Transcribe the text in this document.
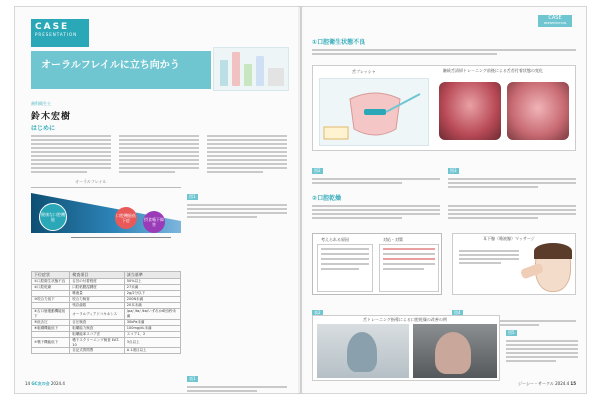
CASE
PRESENTATION
オーラルフレイルに立ち向かう
歯科衛生士
鈴木宏樹
はじめに
オーラルフレイル
健康な口腔機能
口腔機能低下症	摂食嚥下障害
図1
下位症状	検査項目	該当基準
①口腔衛生状態不良	舌苔の付着程度	50%以上
②口腔乾燥	口腔粘膜湿潤度	27未満
	唾液量	2g/2分以下
③咬合力低下	咬合力検査	200N未満
	残存歯数	20本未満
④舌口唇運動機能低下	オーラルディアドコキネシス	/pa/ /ta/ /ka/いずれか6回/秒未満
⑤低舌圧	舌圧検査	30kPa未満
⑥咀嚼機能低下	咀嚼能力検査	100mg/dL未満
	咀嚼能率スコア法	スコア1、2
⑦嚥下機能低下	嚥下スクリーニング検査 EAT-10	3点以上
	自記式質問票	A 1項目以上
表1
14 GC友の会 2024.4
CASE
PRESENTATION
①口腔衛生状態不良
舌プレッシャ	継続舌清掃トレーニング前後による舌苔付着状態の変化
図2	図3
②口腔乾燥
考えられる原因	対応・対策	耳下腺（唾液腺）マッサージ
表2	図4
舌トレーニング指導による口腔乾燥の改善の例
図5
ジーシー・サークル 2024.4 15
